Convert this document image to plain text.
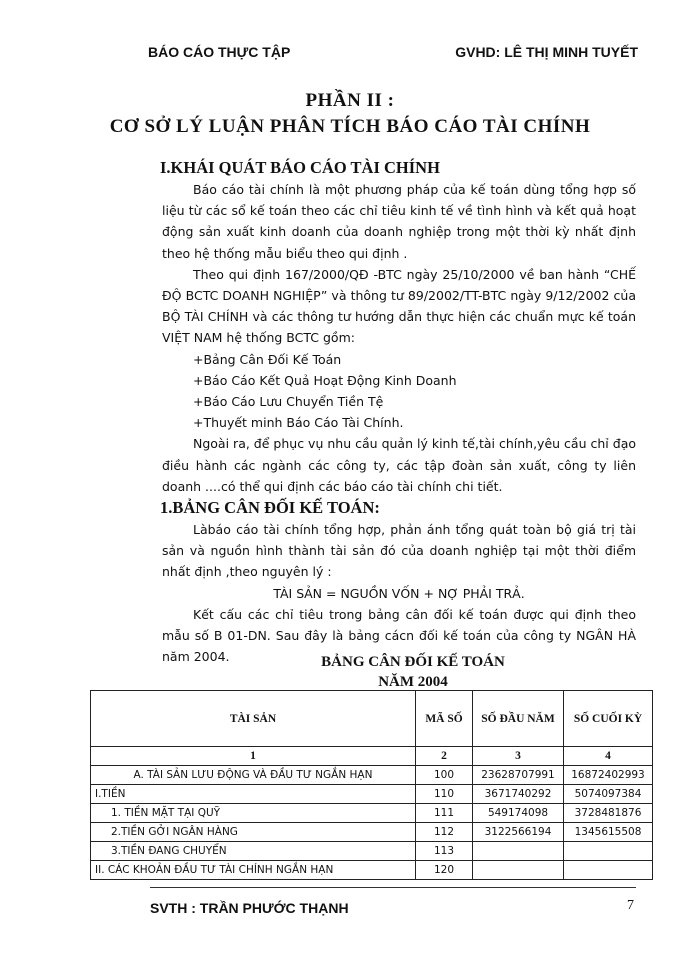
BÁO CÁO THỰC TẬP	GVHD: LÊ THỊ MINH TUYẾT
PHẦN II :
CƠ SỞ LÝ LUẬN PHÂN TÍCH BÁO CÁO TÀI CHÍNH
I.KHÁI QUÁT BÁO CÁO TÀI CHÍNH

Báo cáo tài chính là một phương pháp của kế toán dùng tổng hợp số liệu từ các sổ kế toán theo các chỉ tiêu kinh tế về tình hình và kết quả hoạt động sản xuất kinh doanh của doanh nghiệp trong một thời kỳ nhất định theo hệ thống mẫu biểu theo qui định .

Theo qui định 167/2000/QĐ -BTC ngày 25/10/2000 về ban hành “CHẾ ĐỘ BCTC DOANH NGHIỆP” và thông tư 89/2002/TT-BTC ngày 9/12/2002 của BỘ TÀI CHÍNH và các thông tư hướng dẫn thực hiện các chuẩn mực kế toán VIỆT NAM hệ thống BCTC gồm:

+Bảng Cân Đối Kế Toán

+Báo Cáo Kết Quả Hoạt Động Kinh Doanh

+Báo Cáo Lưu Chuyển Tiền Tệ

+Thuyết minh Báo Cáo Tài Chính.

Ngoài ra, để phục vụ nhu cầu quản lý kinh tế,tài chính,yêu cầu chỉ đạo điều hành các ngành các công ty, các tập đoàn sản xuất, công ty liên doanh ....có thể qui định các báo cáo tài chính chi tiết.

1.BẢNG CÂN ĐỐI KẾ TOÁN:

Làbáo cáo tài chính tổng hợp, phản ánh tổng quát toàn bộ giá trị tài sản và nguồn hình thành tài sản đó của doanh nghiệp tại một thời điểm nhất định ,theo nguyên lý :

TÀI SẢN = NGUỒN VỐN + NỢ PHẢI TRẢ.

Kết cấu các chỉ tiêu trong bảng cân đối kế toán được qui định theo mẫu số B 01-DN. Sau đây là bảng cácn đối kế toán của công ty NGÂN HÀ năm 2004.	BẢNG CÂN ĐỐI KẾ TOÁN
NĂM 2004
TÀI SẢN	MÃ SỐ	SỐ ĐẦU NĂM	SỐ CUỐI KỲ
1	2	3	4
A. TÀI SẢN LƯU ĐỘNG VÀ ĐẦU TƯ NGẮN HẠN	100	23628707991	16872402993
I.TIỀN	110	3671740292	5074097384
1. TIỀN MẶT TẠI QUỸ	111	549174098	3728481876
2.TIỀN GỞI NGÂN HÀNG	112	3122566194	1345615508
3.TIỀN ĐANG CHUYỂN	113		
II. CÁC KHOẢN ĐẦU TƯ TÀI CHÍNH NGẮN HẠN	120		
SVTH : TRẦN PHƯỚC THẠNH	7
